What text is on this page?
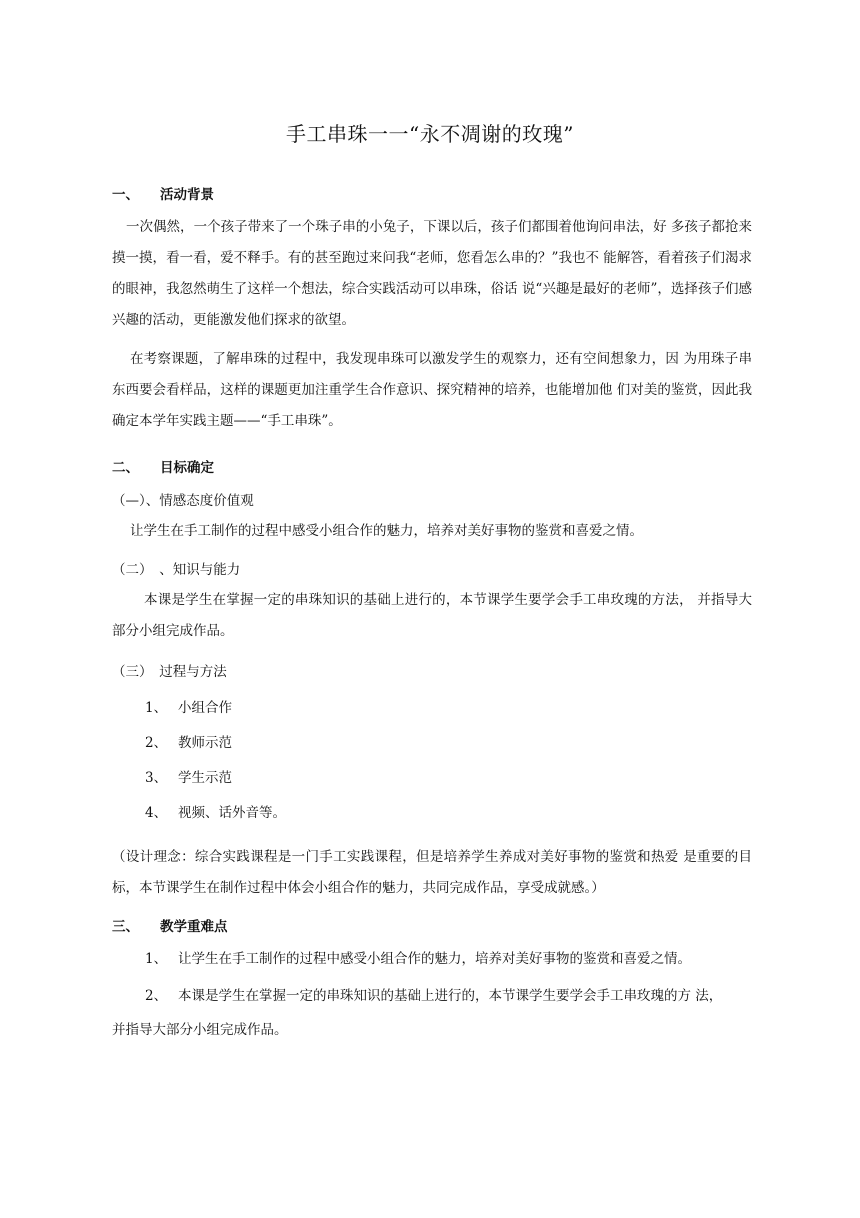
手工串珠一一“永不凋谢的玫瑰”
一、	活动背景
一次偶然，一个孩子带来了一个珠子串的小兔子，下课以后，孩子们都围着他询问串法，好 多孩子都抢来摸一摸，看一看，爱不释手。有的甚至跑过来问我“老师，您看怎么串的？”我也不 能解答，看着孩子们渴求的眼神，我忽然萌生了这样一个想法，综合实践活动可以串珠，俗话 说“兴趣是最好的老师”，选择孩子们感兴趣的活动，更能激发他们探求的欲望。
在考察课题，了解串珠的过程中，我发现串珠可以激发学生的观察力，还有空间想象力，因 为用珠子串东西要会看样品，这样的课题更加注重学生合作意识、探究精神的培养，也能增加他 们对美的鉴赏，因此我确定本学年实践主题——“手工串珠”。
二、	目标确定
（—）、情感态度价值观
让学生在手工制作的过程中感受小组合作的魅力，培养对美好事物的鉴赏和喜爱之情。
（二）　、知识与能力
本课是学生在掌握一定的串珠知识的基础上进行的，本节课学生要学会手工串玫瑰的方法， 并指导大部分小组完成作品。
（三）　过程与方法
1、 小组合作
2、 教师示范
3、 学生示范
4、 视频、话外音等。
（设计理念：综合实践课程是一门手工实践课程，但是培养学生养成对美好事物的鉴赏和热爱 是重要的目标，本节课学生在制作过程中体会小组合作的魅力，共同完成作品，享受成就感。）
三、	教学重难点
1、 让学生在手工制作的过程中感受小组合作的魅力，培养对美好事物的鉴赏和喜爱之情。
2、 本课是学生在掌握一定的串珠知识的基础上进行的，本节课学生要学会手工串玫瑰的方 法，
并指导大部分小组完成作品。
